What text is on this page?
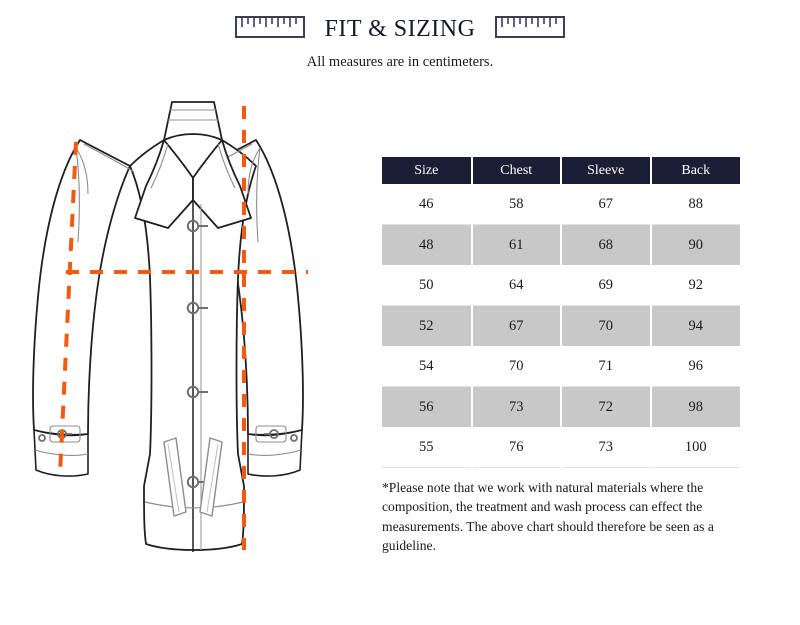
FIT & SIZING
All measures are in centimeters.
Size	Chest	Sleeve	Back
46	58	67	88
48	61	68	90
50	64	69	92
52	67	70	94
54	70	71	96
56	73	72	98
55	76	73	100
*Please note that we work with natural materials where the composition, the treatment and wash process can effect the measurements. The above chart should therefore be seen as a guideline.
